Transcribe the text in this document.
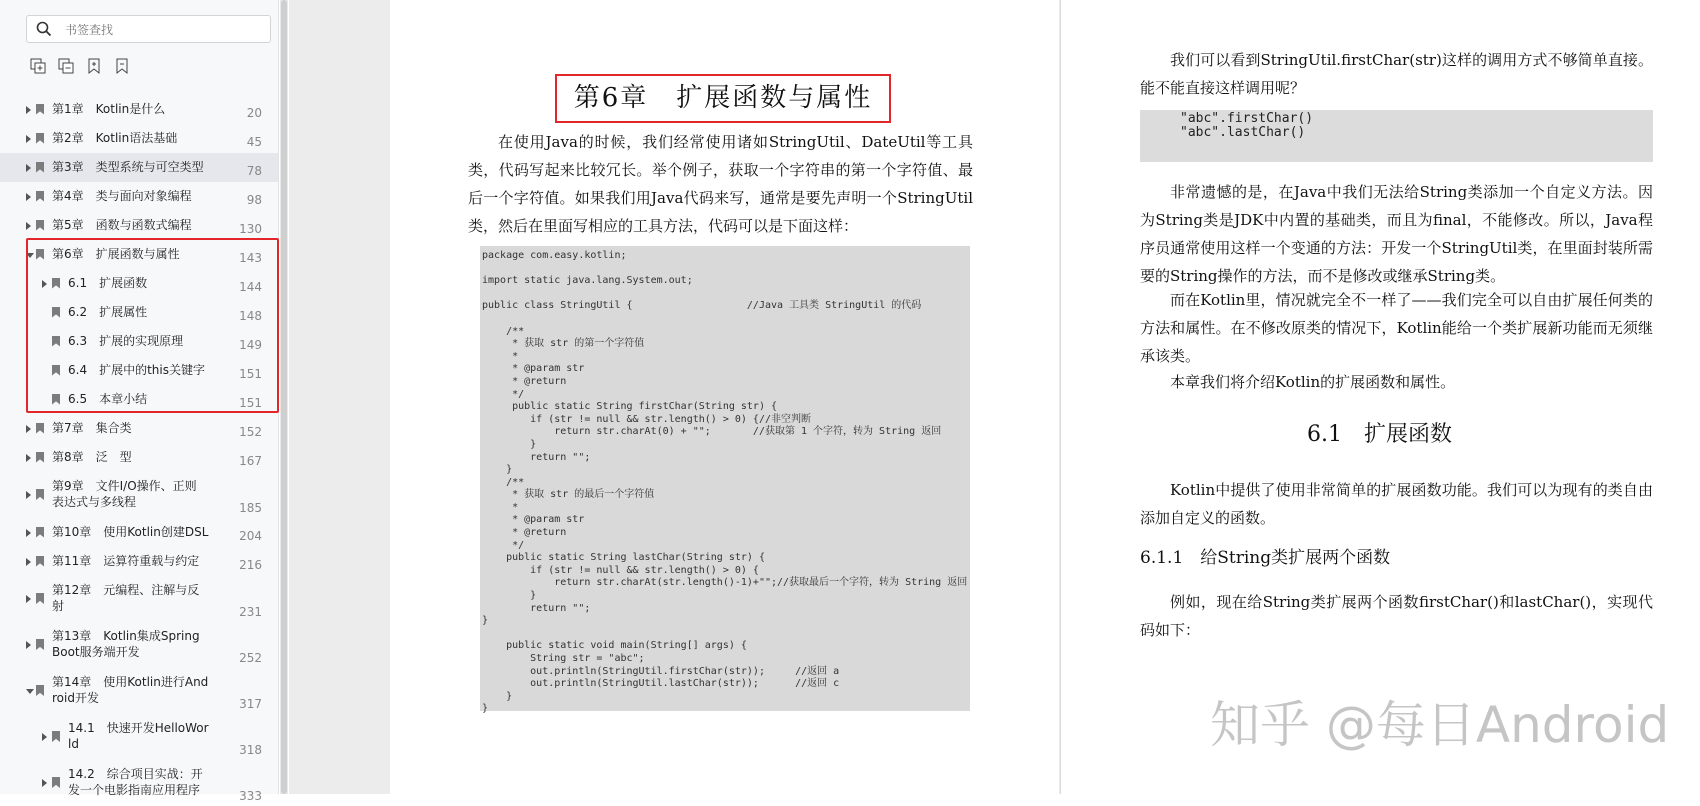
书签查找
第1章　Kotlin是什么	20
第2章　Kotlin语法基础	45
第3章　类型系统与可空类型	78
第4章　类与面向对象编程	98
第5章　函数与函数式编程	130
第6章　扩展函数与属性	143
6.1　扩展函数	144
6.2　扩展属性	148
6.3　扩展的实现原理	149
6.4　扩展中的this关键字	151
6.5　本章小结	151
第7章　集合类	152
第8章　泛　型	167
第9章　文件I/O操作、正则
表达式与多线程	185
第10章　使用Kotlin创建DSL	204
第11章　运算符重载与约定	216
第12章　元编程、注解与反
射	231
第13章　Kotlin集成Spring
Boot服务端开发	252
第14章　使用Kotlin进行And
roid开发	317
14.1　快速开发HelloWor
ld	318
14.2　综合项目实战：开
发一个电影指南应用程序	333
第6章　扩展函数与属性
在使用Java的时候，我们经常使用诸如StringUtil、DateUtil等工具类，代码写起来比较冗长。举个例子，获取一个字符串的第一个字符值、最后一个字符值。如果我们用Java代码来写，通常是要先声明一个StringUtil类，然后在里面写相应的工具方法，代码可以是下面这样：
package com.easy.kotlin;

import static java.lang.System.out;

public class StringUtil {                   //Java 工具类 StringUtil 的代码

/**
* 获取 str 的第一个字符值
*
* @param str
* @return
*/
public static String firstChar(String str) {
if (str != null && str.length() > 0) {//非空判断
return str.charAt(0) + "";       //获取第 1 个字符，转为 String 返回
}
return "";
}
/**
* 获取 str 的最后一个字符值
*
* @param str
* @return
*/
public static String lastChar(String str) {
if (str != null && str.length() > 0) {
return str.charAt(str.length()-1)+"";//获取最后一个字符，转为 String 返回
}
return "";
}

public static void main(String[] args) {
String str = "abc";
out.println(StringUtil.firstChar(str));     //返回 a
out.println(StringUtil.lastChar(str));      //返回 c
}
}
我们可以看到StringUtil.firstChar(str)这样的调用方式不够简单直接。能不能直接这样调用呢？
"abc".firstChar()
"abc".lastChar()
非常遗憾的是，在Java中我们无法给String类添加一个自定义方法。因为String类是JDK中内置的基础类，而且为final，不能修改。所以，Java程序员通常使用这样一个变通的方法：开发一个StringUtil类，在里面封装所需要的String操作的方法，而不是修改或继承String类。
而在Kotlin里，情况就完全不一样了——我们完全可以自由扩展任何类的方法和属性。在不修改原类的情况下，Kotlin能给一个类扩展新功能而无须继承该类。
本章我们将介绍Kotlin的扩展函数和属性。
6.1　扩展函数
Kotlin中提供了使用非常简单的扩展函数功能。我们可以为现有的类自由添加自定义的函数。
6.1.1　给String类扩展两个函数
例如，现在给String类扩展两个函数firstChar()和lastChar()，实现代码如下：
知乎 @每日Android
